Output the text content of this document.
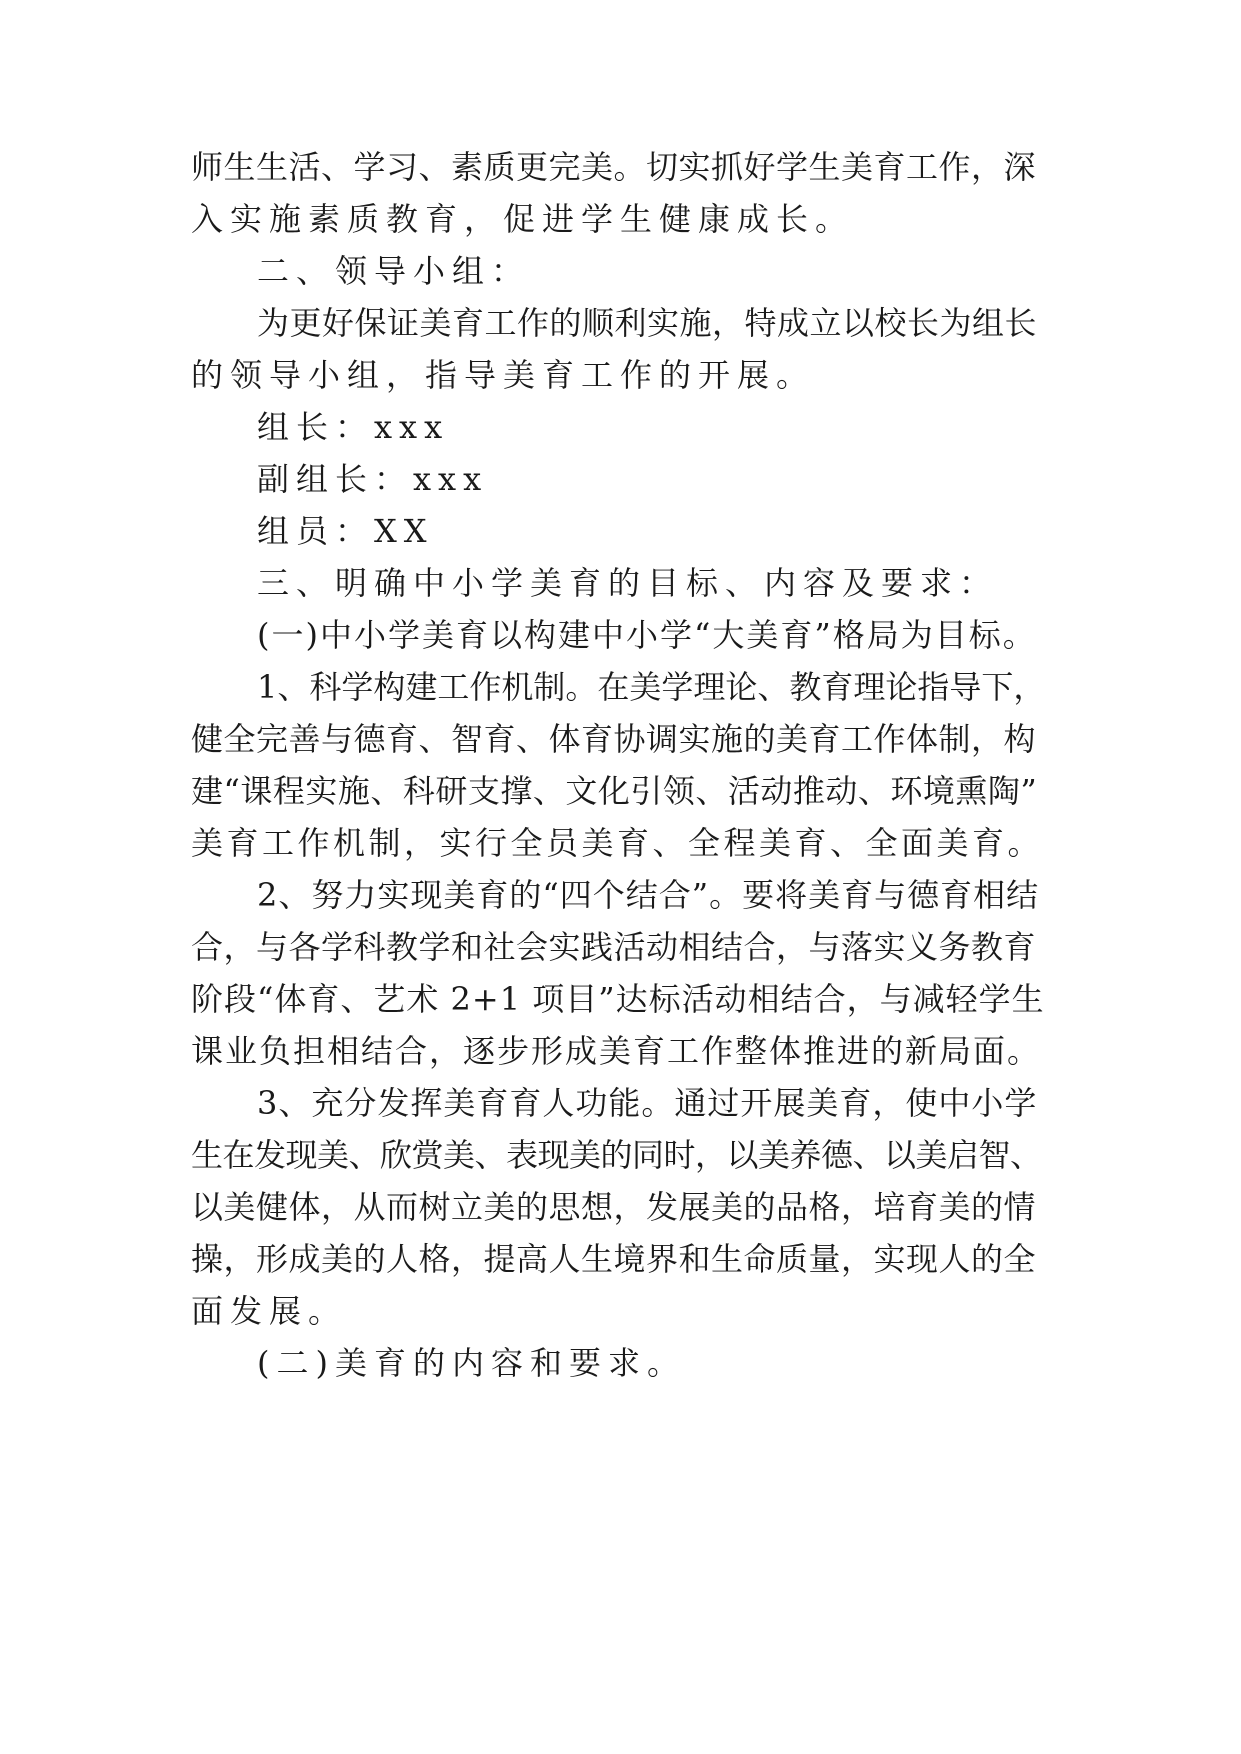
师生生活、学习、素质更完美。切实抓好学生美育工作，深
入实施素质教育，促进学生健康成长。
二、领导小组：
为更好保证美育工作的顺利实施，特成立以校长为组长
的领导小组，指导美育工作的开展。
组长：xxx
副组长：xxx
组员：XX
三、明确中小学美育的目标、内容及要求：
(一)中小学美育以构建中小学“大美育”格局为目标。
1、科学构建工作机制。在美学理论、教育理论指导下，
健全完善与德育、智育、体育协调实施的美育工作体制，构
建“课程实施、科研支撑、文化引领、活动推动、环境熏陶”
美育工作机制，实行全员美育、全程美育、全面美育。
2、努力实现美育的“四个结合”。要将美育与德育相结
合，与各学科教学和社会实践活动相结合，与落实义务教育
阶段“体育、艺术 2+1 项目”达标活动相结合，与减轻学生
课业负担相结合，逐步形成美育工作整体推进的新局面。
3、充分发挥美育育人功能。通过开展美育，使中小学
生在发现美、欣赏美、表现美的同时，以美养德、以美启智、
以美健体，从而树立美的思想，发展美的品格，培育美的情
操，形成美的人格，提高人生境界和生命质量，实现人的全
面发展。
(二)美育的内容和要求。
